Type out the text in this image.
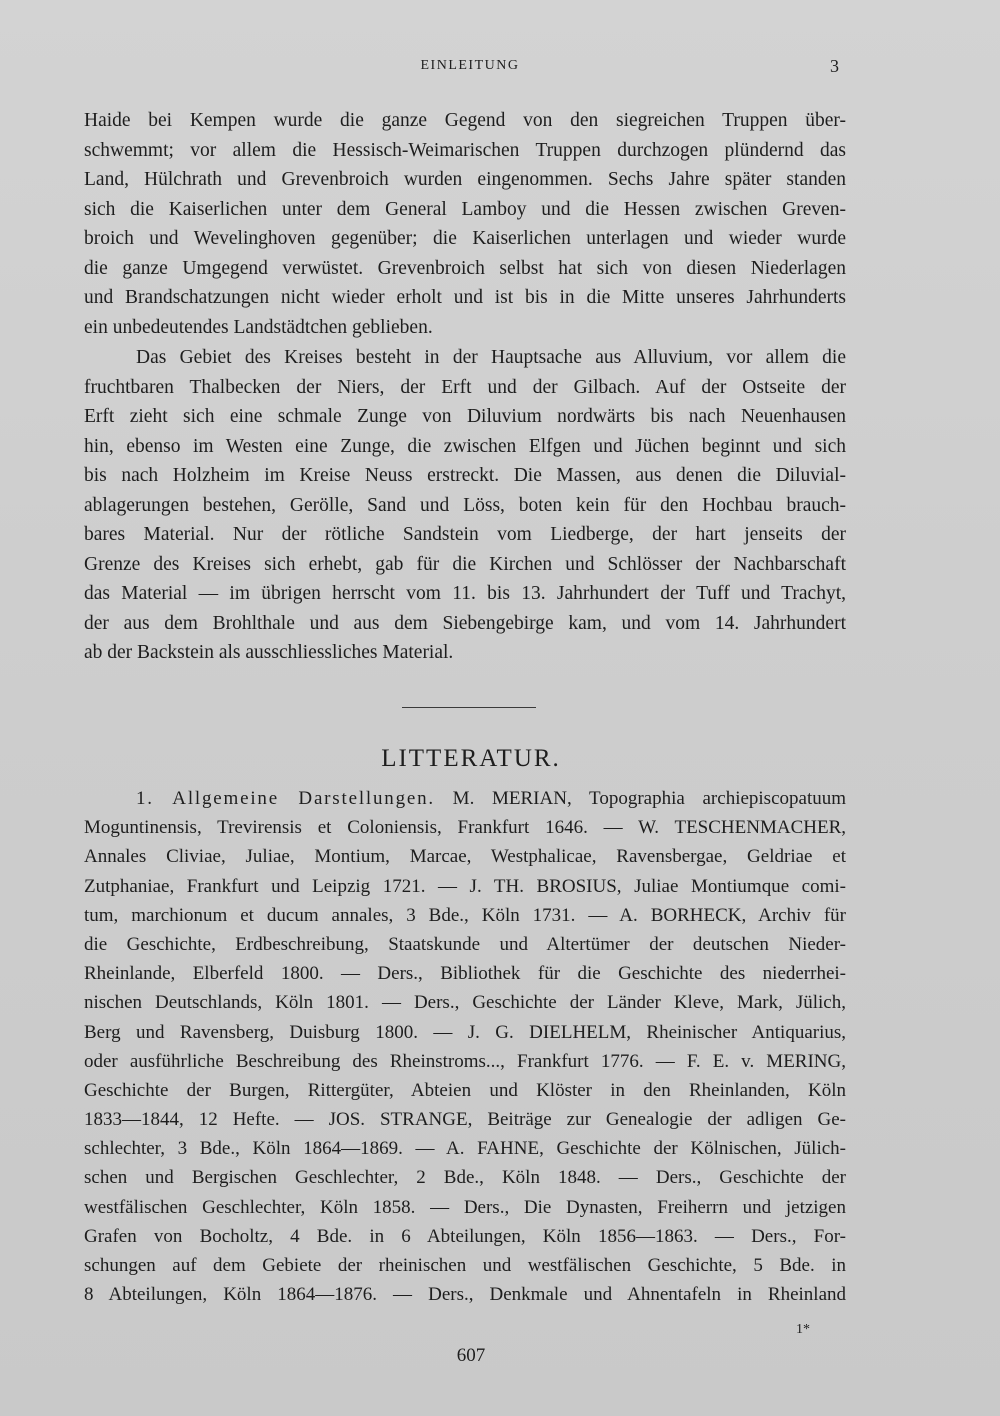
EINLEITUNG	3
Haide bei Kempen wurde die ganze Gegend von den siegreichen Truppen über-
schwemmt; vor allem die Hessisch-Weimarischen Truppen durchzogen plündernd das
Land, Hülchrath und Grevenbroich wurden eingenommen. Sechs Jahre später standen
sich die Kaiserlichen unter dem General Lamboy und die Hessen zwischen Greven-
broich und Wevelinghoven gegenüber; die Kaiserlichen unterlagen und wieder wurde
die ganze Umgegend verwüstet. Grevenbroich selbst hat sich von diesen Niederlagen
und Brandschatzungen nicht wieder erholt und ist bis in die Mitte unseres Jahrhunderts
ein unbedeutendes Landstädtchen geblieben.
Das Gebiet des Kreises besteht in der Hauptsache aus Alluvium, vor allem die
fruchtbaren Thalbecken der Niers, der Erft und der Gilbach. Auf der Ostseite der
Erft zieht sich eine schmale Zunge von Diluvium nordwärts bis nach Neuenhausen
hin, ebenso im Westen eine Zunge, die zwischen Elfgen und Jüchen beginnt und sich
bis nach Holzheim im Kreise Neuss erstreckt. Die Massen, aus denen die Diluvial-
ablagerungen bestehen, Gerölle, Sand und Löss, boten kein für den Hochbau brauch-
bares Material. Nur der rötliche Sandstein vom Liedberge, der hart jenseits der
Grenze des Kreises sich erhebt, gab für die Kirchen und Schlösser der Nachbarschaft
das Material — im übrigen herrscht vom 11. bis 13. Jahrhundert der Tuff und Trachyt,
der aus dem Brohlthale und aus dem Siebengebirge kam, und vom 14. Jahrhundert
ab der Backstein als ausschliessliches Material.
LITTERATUR.
1. Allgemeine Darstellungen. M. MERIAN, Topographia archiepiscopatuum
Moguntinensis, Trevirensis et Coloniensis, Frankfurt 1646. — W. TESCHENMACHER,
Annales Cliviae, Juliae, Montium, Marcae, Westphalicae, Ravensbergae, Geldriae et
Zutphaniae, Frankfurt und Leipzig 1721. — J. TH. BROSIUS, Juliae Montiumque comi-
tum, marchionum et ducum annales, 3 Bde., Köln 1731. — A. BORHECK, Archiv für
die Geschichte, Erdbeschreibung, Staatskunde und Altertümer der deutschen Nieder-
Rheinlande, Elberfeld 1800. — Ders., Bibliothek für die Geschichte des niederrhei-
nischen Deutschlands, Köln 1801. — Ders., Geschichte der Länder Kleve, Mark, Jülich,
Berg und Ravensberg, Duisburg 1800. — J. G. DIELHELM, Rheinischer Antiquarius,
oder ausführliche Beschreibung des Rheinstroms..., Frankfurt 1776. — F. E. v. MERING,
Geschichte der Burgen, Rittergüter, Abteien und Klöster in den Rheinlanden, Köln
1833—1844, 12 Hefte. — JOS. STRANGE, Beiträge zur Genealogie der adligen Ge-
schlechter, 3 Bde., Köln 1864—1869. — A. FAHNE, Geschichte der Kölnischen, Jülich-
schen und Bergischen Geschlechter, 2 Bde., Köln 1848. — Ders., Geschichte der
westfälischen Geschlechter, Köln 1858. — Ders., Die Dynasten, Freiherrn und jetzigen
Grafen von Bocholtz, 4 Bde. in 6 Abteilungen, Köln 1856—1863. — Ders., For-
schungen auf dem Gebiete der rheinischen und westfälischen Geschichte, 5 Bde. in
8 Abteilungen, Köln 1864—1876. — Ders., Denkmale und Ahnentafeln in Rheinland
1*
607
